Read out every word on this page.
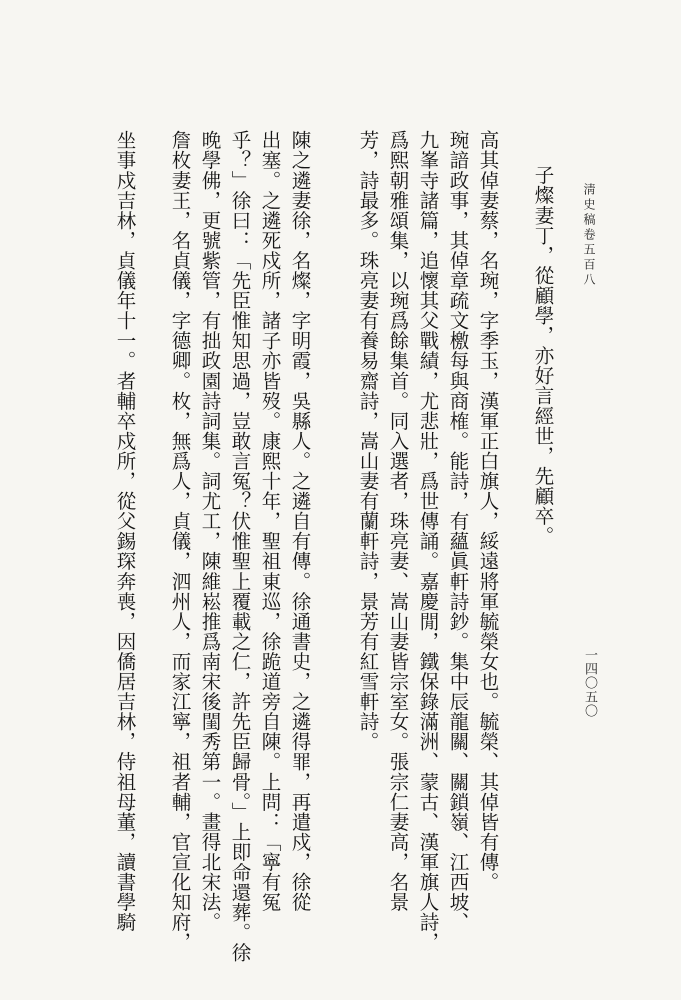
淸史稿卷五百八
一四〇五〇
子燦妻丁，從顧學，亦好言經世，先顧卒。
高其倬妻蔡，名琬，字季玉，漢軍正白旗人，綏遠將軍毓榮女也。毓榮、其倬皆有傳。
琬諳政事，其倬章疏文檄每與商榷。能詩，有蘊眞軒詩鈔。集中辰龍關、關鎖嶺、江西坡、
九峯寺諸篇，追懷其父戰績，尤悲壯，爲世傳誦。嘉慶閒，鐵保錄滿洲、蒙古、漢軍旗人詩，
爲熙朝雅頌集，以琬爲餘集首。同入選者，珠亮妻、嵩山妻皆宗室女。張宗仁妻高，名景
芳，詩最多。珠亮妻有養易齋詩，嵩山妻有蘭軒詩，景芳有紅雪軒詩。
陳之遴妻徐，名燦，字明霞，吳縣人。之遴自有傳。徐通書史，之遴得罪，再遣戍，徐從
出塞。之遴死戍所，諸子亦皆歿。康熙十年，聖祖東巡，徐跪道旁自陳。上問：「寧有冤
乎？」徐曰：「先臣惟知思過，豈敢言冤？伏惟聖上覆載之仁，許先臣歸骨。」上即命還葬。徐
晚學佛，更號紫管，有拙政園詩詞集。詞尤工，陳維崧推爲南宋後閨秀第一。畫得北宋法。
詹枚妻王，名貞儀，字德卿。枚，無爲人，貞儀，泗州人，而家江寧，祖者輔，官宣化知府，
坐事戍吉林，貞儀年十一。者輔卒戍所，從父錫琛奔喪，因僑居吉林，侍祖母董，讀書學騎
